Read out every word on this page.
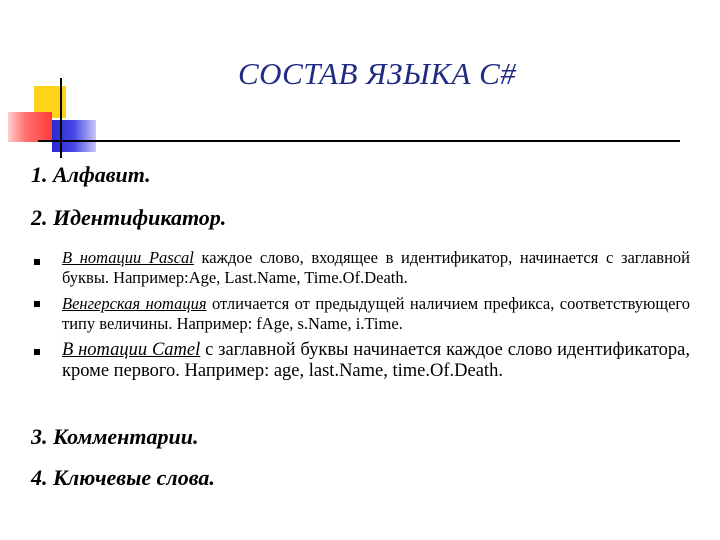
СОСТАВ ЯЗЫКА C#
1. Алфавит.
2. Идентификатор.
В нотации Pascal каждое слово, входящее в идентификатор, начинается с заглавной буквы. Например:Age, Last.Name, Time.Of.Death.
Венгерская нотация отличается от предыдущей наличием префикса, соответствующего типу величины. Например: fAge, s.Name, i.Time.
В нотации Camel с заглавной буквы начинается каждое слово идентификатора, кроме первого. Например: age, last.Name, time.Of.Death.
3. Комментарии.
4. Ключевые слова.
